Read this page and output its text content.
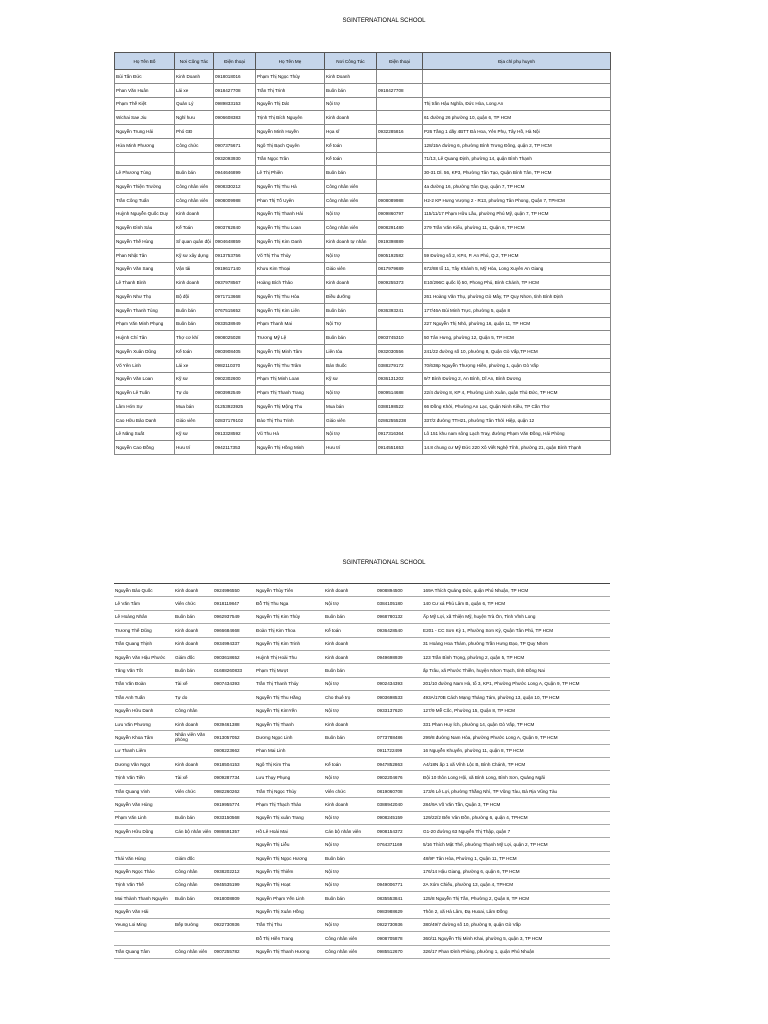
SGINTERNATIONAL SCHOOL
Họ Tên Bố	Nơi Công Tác	Điện thoại	Họ Tên Mẹ	Nơi Công Tác	Điện thoại	Địa chỉ phụ huynh
Bùi Tấn Đức	Kinh Doanh	0918018016	Phạm Thị Ngọc Thủy	Kinh Doanh		
Phan Văn Huân	Lái xe	0918427708	Trần Thị Trinh	Buôn bán	0918427708	
Phạm Thế Kiệt	Quản Lý	0989833153	Nguyễn Thị Dát	Nội trợ		Thị trấn Hậu Nghĩa, Đức Hòa, Long An
Wichai Sae Jiu	Nghỉ hưu	0906608383	Trịnh Thị Bích Nguyên	Kinh doanh		61 đường 26 phường 10, quận 6, TP HCM
Nguyễn Trung Hải	Phó GĐ		Nguyễn Minh Huyền	Họa sĩ	0932285816	P26 Tầng 1 dãy 4BTT Đà Hoa, Yên Phụ, Tây Hồ, Hà Nội
Hứa Minh Phương	Công chức	0907375671	Ngô Thị Bạch Quyên	Kế toán		128/15A đường 6, phường Bình Trưng Đông, quận 2, TP HCM
		0932093930	Trần Ngọc Trân	Kế toán		71/13, Lê Quang Định, phường 14, quận Bình Thạnh
Lê Phương Tùng	Buôn bán	0944646899	Lê Thị Phiên	Buôn bán		30-31 Dl. 56, KP3, Phường Tân Tạo, Quận Bình Tân, TP HCM
Nguyễn Thiện Trường	Công nhân viên	0908330212	Nguyễn Thị Thu Hà	Công nhân viên		4a đường 16, phường Tân Quy, quận 7, TP HCM
Trần Công Tuấn	Công nhân viên	0908009988	Phan Thị Tố Uyên	Công nhân viên	0908089988	H2-2 KP Hưng Vượng 2 - R13, phường Tân Phong, Quận 7, TPHCM
Huỳnh Nguyễn Quốc Duy	Kinh doanh		Nguyễn Thị Thanh Hải	Nội trợ	0909860797	115/11/17 Phạm Hữu Lầu, phường Phú Mỹ, quận 7, TP HCM
Nguyễn Đình Sáu	Kế Toán	0903762840	Nguyễn Thị Thu Loan	Công nhân viên	0908291480	279 Trần Văn Kiểu, phường 11, Quận 6, TP HCM
Nguyễn Thế Hùng	Sĩ quan quân đội	0904648859	Nguyễn Thị Kim Oanh	Kinh doanh tự nhân	0919398889	
Phan Nhật Tân	Kỹ sư xây dựng	0913753756	Võ Thị Thu Thủy	Nội trợ	0905192582	59 Đường số 2, KP4, P. An Phú, Q.2, TP HCM
Nguyễn Văn Sang	Vận tải	0919617140	Khưu Kim Thoại	Giáo viên	0817979689	672/88 tổ 11, Tây Khánh 5, Mỹ Hòa, Long Xuyên An Giang
Lê Thanh Bình	Kinh doanh	0937978567	Hoàng Bích Thảo	Kinh doanh	0909255373	E10/296C quốc lộ 50, Phong Phú, Bình Chánh, TP HCM
Nguyễn Như Thọ	Bộ đội	0971713668	Nguyễn Thị Thu Hòa	Điều dưỡng		261 Hoàng Văn Thụ, phường Gò Mây, TP Quy Nhơn, tỉnh Bình Định
Nguyễn Thanh Tùng	Buôn bán	0767515652	Nguyễn Thị Kim Liên	Buôn bán	0936393241	177/46A Bùi Minh Trực, phường 5, quận 8
Phạm Văn Minh Phụng	Buôn bán	0933538949	Phạm Thanh Mai	Nội Trợ		227 Nguyễn Thị Nhỏ, phường 16, quận 11, TP HCM
Huỳnh Chí Tân	Thợ cơ khí	0908025028	Trương Mỹ Lệ	Buôn bán	0903745310	50 Tân Hưng, phường 12, Quận 5, TP HCM
Nguyễn Xuân Dũng	Kế toán	0903908405	Nguyễn Thị Minh Tâm	Liên tòa	0932030556	241/22 đường số 10, phường 8, Quận Gò Vấp,TP HCM
Võ Yên Linh	Lái xe	0982110370	Nguyễn Thị Thu Trâm	Bán thuốc	0388279172	70/638p Nguyễn Thượng Hiền, phường 1, quận Gò Vấp
Nguyễn Văn Loan	Kỹ sư	0902302600	Phạm Thị Minh Loan	Kỹ sư	0936131202	9/7 Bình Đường 2, An Bình, Dĩ An, Bình Dương
Nguyễn Lê Tuấn	Tự do	0903992549	Phạm Thị Thanh Trang	Nội trợ	0909514688	22/4 đường 8, KP 4, Phường Linh Xuân, quận Thủ Đức, TP HCM
Lâm Hớn Sự	Mua bán	01253923925	Nguyễn Thị Mộng Thu	Mua bán	0388198522	66 Đồng Khởi, Phường An Lạc, Quận Ninh Kiều, TP Cần Thơ
Cao Hữu Bảo Danh	Giáo viên	02837179102	Đào Thị Thu Trinh	Giáo viên	02862555238	337/2 đường TTH21, phường Tân Thới Hiệp, quận 12
Lê Năng Suất	Kỹ sư	0913328592	Vũ Thu Hà	Nội trợ	0917316364	Lô 151 khu nam sông Lạch Tray, đường Phạm Văn Đồng, Hải Phòng
Nguyễn Cao Đồng	Hưu trí	0942117353	Nguyễn Thị Hồng Minh	Hưu trí	0914551653	14.8 chung cư Mỹ Đức 220 Xô Viết Nghệ Tĩnh, phường 21, quận Bình Thạnh
SGINTERNATIONAL SCHOOL
Nguyễn Bảo Quốc	Kinh doanh	0924996550	Nguyễn Thùy Tiên	Kinh doanh	0908894500	169A Thích Quảng Đức, quận Phú Nhuận, TP HCM
Lê Văn Tâm	Viên chức	0918119847	Đỗ Thị Thu Nga	Nội trợ	0384105180	140 Cư xá Phú Lâm B, quận 6, TP HCM
Lê Hoàng Nhân	Buôn bán	0962937549	Nguyễn Thị Kim Thủy	Buôn bán	0968780132	Ấp Mỹ Lợi, xã Thiện Mỹ, huyện Trà Ôn, Tỉnh Vĩnh Long
Trương Thế Dũng	Kinh doanh	0966684668	Đoàn Thị Kim Thoa	Kế toán	0936428540	E201 - CC Sơn Kỳ 1, Phường Sơn Kỳ, Quận Tân Phú, TP HCM
Trần Quang Thịnh	Kinh doanh	0934994337	Nguyễn Thị Kim Trinh	Kinh doanh		31 Hoàng Hoa Thám, phường Trần Hưng Đạo, TP Quy Nhơn
Nguyễn Văn Hậu Phước	Giám đốc	0903618652	Huỳnh Thị Hoài Thu	Kinh doanh	0949698939	123 Trần Bình Trọng, phường 2, quận 5, TP HCM
Tăng Văn Tốt	Buôn bán	01688260833	Phạm Thị Mượt	Buôn bán		ấp Trâu, xã Phước Thiền, huyện Nhơn Trạch, tỉnh Đồng Nai
Trần Văn Đoàn	Tài xế	0907434393	Trần Thị Thanh Thúy	Nội trợ	0902434393	201/10 đường Nam Hà, tổ 3, KP1, Phường Phước Long A, Quận 9, TP HCM
Trần Anh Tuấn	Tự do		Nguyễn Thị Thu Hằng	Cho thuê trọ	0903698533	493A/170B Cách Mạng Tháng Tám, phường 13, quận 10, TP HCM
Nguyễn Hữu Danh	Công nhân		Nguyễn Thị KimYến	Nội trợ	0933137620	127/9 Mễ Cốc, Phường 15, Quận 8, TP HCM
Lưu Văn Phương	Kinh doanh	0939461388	Nguyễn Thị Thanh	Kinh doanh		331 Phan Huy Ích, phường 14, quận Gò Vấp, TP HCM
Nguyễn Khoa Tâm	Nhân viên Văn phòng	0913057052	Dương Ngọc Linh	Buôn bán	0773788486	299/8 đường Nam Hòa, phường Phước Long A, Quận 9, TP HCM
Lư Thanh Liêm		0908223662	Phan Mai Linh		0911722499	16 Nguyễn Khuyến, phường 11, quận 8, TP HCM
Dương Văn Ngọt	Kinh doanh	0918504153	Ngô Thị Kim Thu	Kế toán	0947852863	A4/18N ấp 1 xã Vĩnh Lộc B, Bình Chánh, TP HCM
Trịnh Văn Tiến	Tài xế	0909287734	Lưu Thụy Phụng	Nội trợ	0902204676	Đội 10 thôn Long Hội, xã Bình Long, Bình Sơn, Quảng Ngãi
Trần Quang Vinh	Viên chức	0982260262	Trần Thị Ngọc Thúy	Viên chức	0819060708	173/6 Lê Lợi, phường Thắng Nhì, TP Vũng Tàu, Bà Rịa Vũng Tàu
Nguyễn Văn Hùng		0919955774	Phạm Thị Thạch Thảo	Kinh doanh	0388942040	284/9A Võ Văn Tần, Quận 3, TP HCM
Phạm Văn Linh	Buôn bán	0933150568	Nguyễn Thị xuân Trang	Nội trợ	0908245159	129/22/2 Bến Vân Đồn, phường 6, quận 4, TPHCM
Nguyễn Hữu Dũng	Cán bộ nhân viên	0986591357	Hồ Lê Hoài Mai	Cán bộ nhân viên	0908154372	G1-20 đường 63 Nguyễn Thị Thập, quận 7
			Nguyễn Thị Liễu	Nội trợ	0764371169	5/16 Thích Mật Thể, phường Thạnh Mỹ Lợi, quận 2, TP HCM
Thái Văn Hùng	Giám đốc		Nguyễn Thị Ngọc Hương	Buôn bán		48/9F Tân Hòa, Phường 1, Quận 11, TP HCM
Nguyễn Ngọc Thảo	Công nhân	0938202212	Nguyễn Thị Thiêm	Nội trợ		176/14 Hậu Giang, phường 6, quận 6, TP HCM
Trịnh Văn Thế	Công nhân	0945535199	Nguyễn Thị Hoạt	Nội trợ	0949006771	2A Xóm Chiếu, phường 13, quận 4, TPHCM
Mai Thành Thanh Nguyên	Buôn bán	0918008809	Nguyễn Phạm Yến Linh	Buôn bán	0835553841	125/8 Nguyễn Thị Tần, Phường 2, Quận 8, TP HCM
Nguyễn Văn Hải			Nguyễn Thị Xuân Hồng		0983988629	Thôn 2, xã Hà Lâm, Đạ Huoai, Lâm Đồng
Yeung Loi Ming	Bếp trưởng	0922730936	Trần Thị Thu	Nội trợ	0922730936	380/49/7 đường số 10, phường 9, quận Gò Vấp
			Đỗ Thị Hiền Trang	Công nhân viên	0908705878	360/11 Nguyễn Thị Minh Khai, phường 5, quận 3, TP HCM
Trần Quang Tâm	Công nhân viên	0907255782	Nguyễn Thị Thanh Hương	Công nhân viên	0985512670	326/17 Phan Đình Phùng, phường 1, quận Phú Nhuận
